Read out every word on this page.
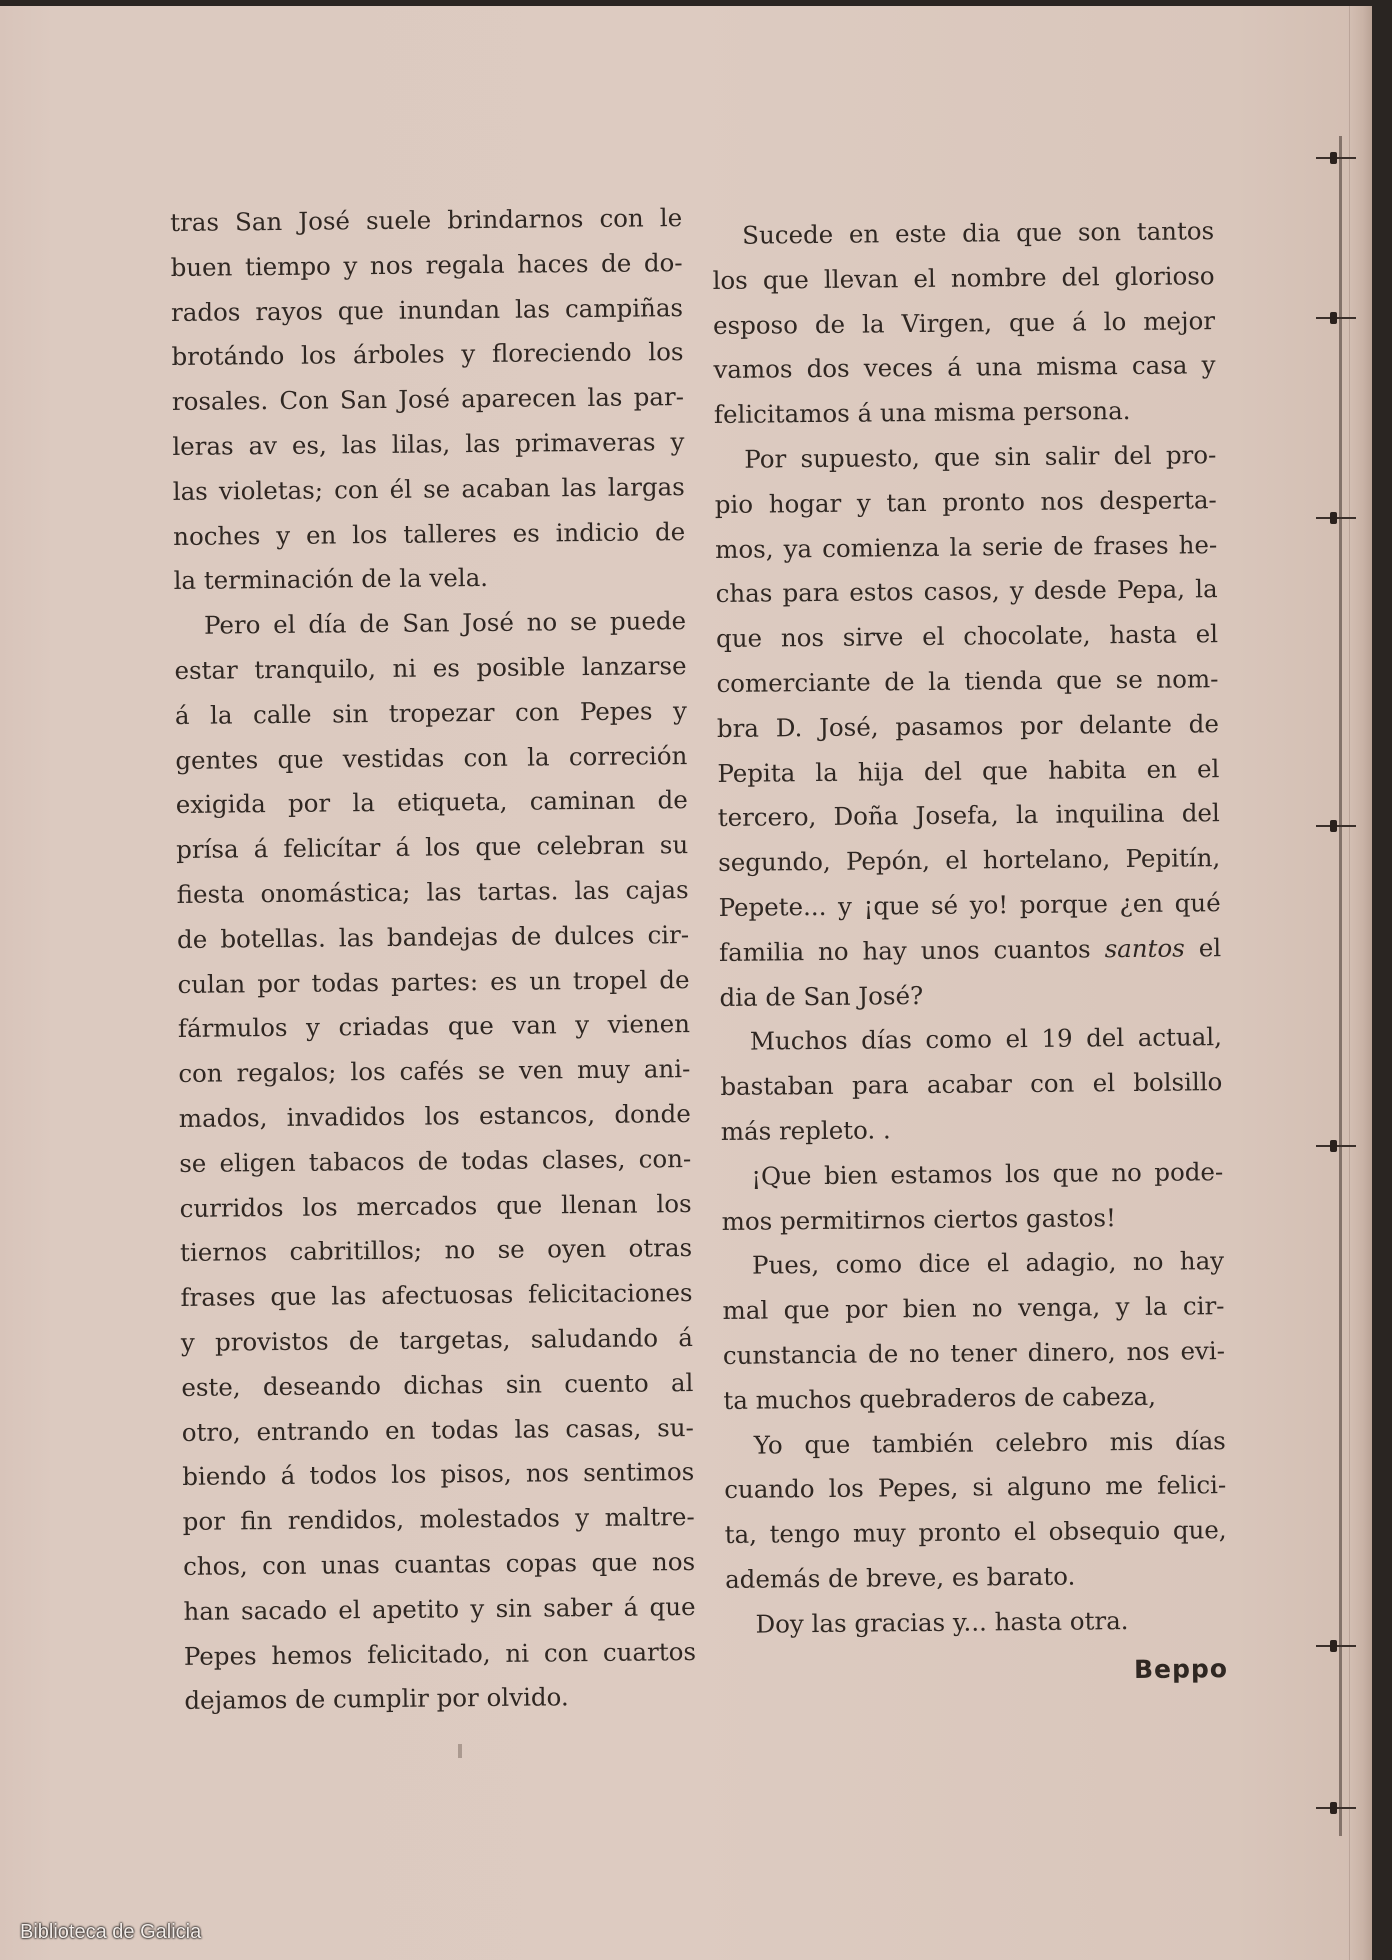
tras San José suele brindarnos con le
buen tiempo y nos regala haces de do-
rados rayos que inundan las campiñas
brotándo los árboles y floreciendo los
rosales. Con San José aparecen las par-
leras av es, las lilas, las primaveras y
las violetas; con él se acaban las largas
noches y en los talleres es indicio de
la terminación de la vela.
Pero el día de San José no se puede
estar tranquilo, ni es posible lanzarse
á la calle sin tropezar con Pepes y
gentes que vestidas con la correción
exigida por la etiqueta, caminan de
prísa á felicítar á los que celebran su
fiesta onomástica; las tartas. las cajas
de botellas. las bandejas de dulces cir-
culan por todas partes: es un tropel de
fármulos y criadas que van y vienen
con regalos; los cafés se ven muy ani-
mados, invadidos los estancos, donde
se eligen tabacos de todas clases, con-
curridos los mercados que llenan los
tiernos cabritillos; no se oyen otras
frases que las afectuosas felicitaciones
y provistos de targetas, saludando á
este, deseando dichas sin cuento al
otro, entrando en todas las casas, su-
biendo á todos los pisos, nos sentimos
por fin rendidos, molestados y maltre-
chos, con unas cuantas copas que nos
han sacado el apetito y sin saber á que
Pepes hemos felicitado, ni con cuartos
dejamos de cumplir por olvido.
Sucede en este dia que son tantos
los que llevan el nombre del glorioso
esposo de la Virgen, que á lo mejor
vamos dos veces á una misma casa y
felicitamos á una misma persona.
Por supuesto, que sin salir del pro-
pio hogar y tan pronto nos desperta-
mos, ya comienza la serie de frases he-
chas para estos casos, y desde Pepa, la
que nos sirve el chocolate, hasta el
comerciante de la tienda que se nom-
bra D. José, pasamos por delante de
Pepita la hija del que habita en el
tercero, Doña Josefa, la inquilina del
segundo, Pepón, el hortelano, Pepitín,
Pepete... y ¡que sé yo! porque ¿en qué
familia no hay unos cuantos santos el
dia de San José?
Muchos días como el 19 del actual,
bastaban para acabar con el bolsillo
más repleto. .
¡Que bien estamos los que no pode-
mos permitirnos ciertos gastos!
Pues, como dice el adagio, no hay
mal que por bien no venga, y la cir-
cunstancia de no tener dinero, nos evi-
ta muchos quebraderos de cabeza,
Yo que también celebro mis días
cuando los Pepes, si alguno me felici-
ta, tengo muy pronto el obsequio que,
además de breve, es barato.
Doy las gracias y... hasta otra.
Beppo
Biblioteca de Galicia
